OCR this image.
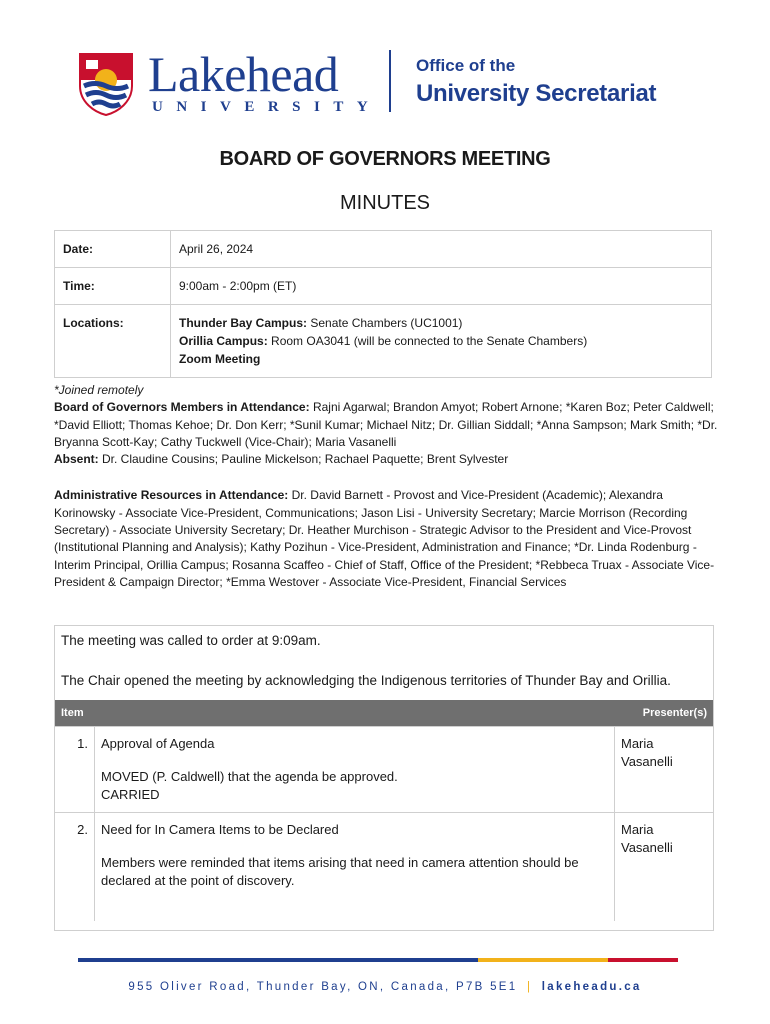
Lakehead
UNIVERSITY
Office of the
University Secretariat
BOARD OF GOVERNORS MEETING
MINUTES
Date:	April 26, 2024
Time:	9:00am - 2:00pm (ET)
Locations:	Thunder Bay Campus: Senate Chambers (UC1001)
Orillia Campus: Room OA3041 (will be connected to the Senate Chambers)
Zoom Meeting

*Joined remotely

Board of Governors Members in Attendance: Rajni Agarwal; Brandon Amyot; Robert Arnone; *Karen Boz; Peter Caldwell; *David Elliott; Thomas Kehoe; Dr. Don Kerr; *Sunil Kumar; Michael Nitz; Dr. Gillian Siddall; *Anna Sampson; Mark Smith; *Dr. Bryanna Scott-Kay; Cathy Tuckwell (Vice-Chair); Maria Vasanelli

Absent: Dr. Claudine Cousins; Pauline Mickelson; Rachael Paquette; Brent Sylvester

Administrative Resources in Attendance: Dr. David Barnett - Provost and Vice-President (Academic); Alexandra Korinowsky - Associate Vice-President, Communications; Jason Lisi - University Secretary; Marcie Morrison (Recording Secretary) - Associate University Secretary; Dr. Heather Murchison - Strategic Advisor to the President and Vice-Provost (Institutional Planning and Analysis); Kathy Pozihun - Vice-President, Administration and Finance; *Dr. Linda Rodenburg - Interim Principal, Orillia Campus; Rosanna Scaffeo - Chief of Staff, Office of the President; *Rebbeca Truax - Associate Vice-President & Campaign Director; *Emma Westover - Associate Vice-President, Financial Services

The meeting was called to order at 9:09am.

The Chair opened the meeting by acknowledging the Indigenous territories of Thunder Bay and Orillia.

Item		Presenter(s)
1.	Approval of Agenda

MOVED (P. Caldwell) that the agenda be approved.

CARRIED	Maria Vasanelli
2.	Need for In Camera Items to be Declared

Members were reminded that items arising that need in camera attention should be declared at the point of discovery.	Maria Vasanelli
955 Oliver Road, Thunder Bay, ON, Canada, P7B 5E1 | lakeheadu.ca
